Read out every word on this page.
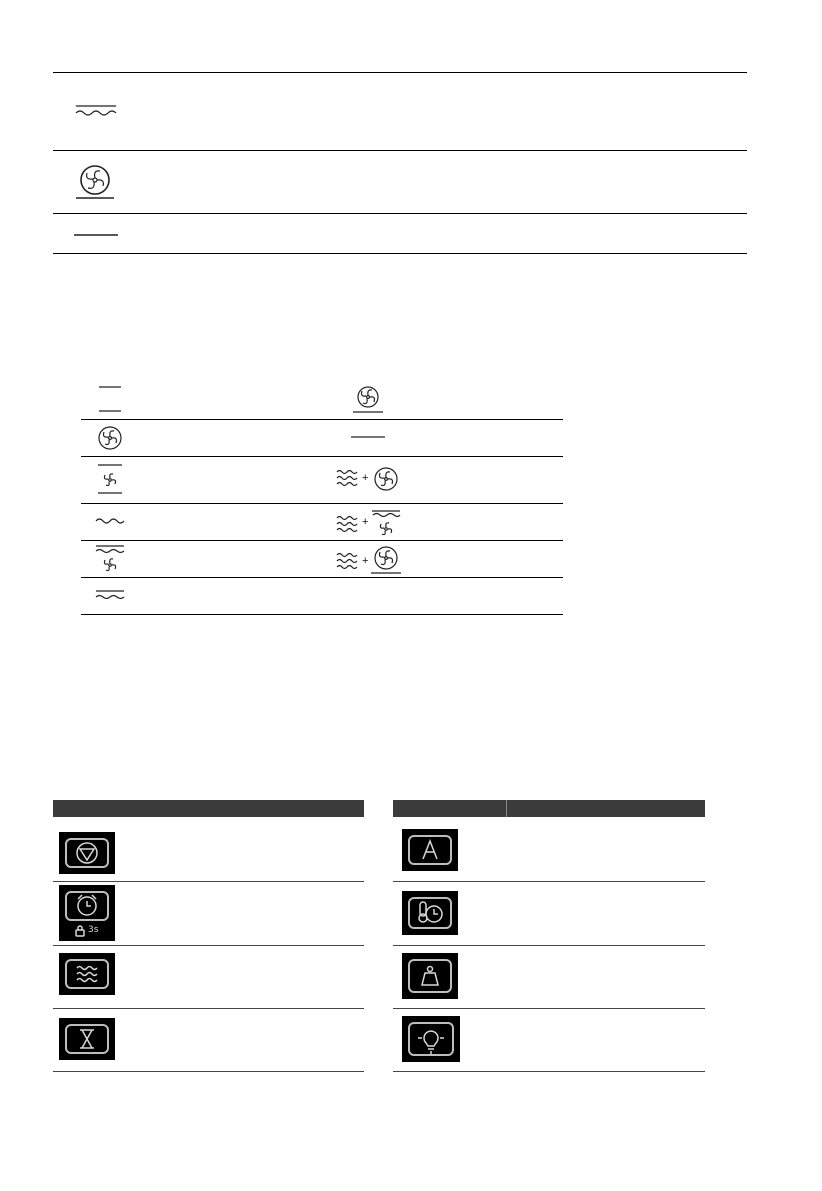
+
+
+
3s
